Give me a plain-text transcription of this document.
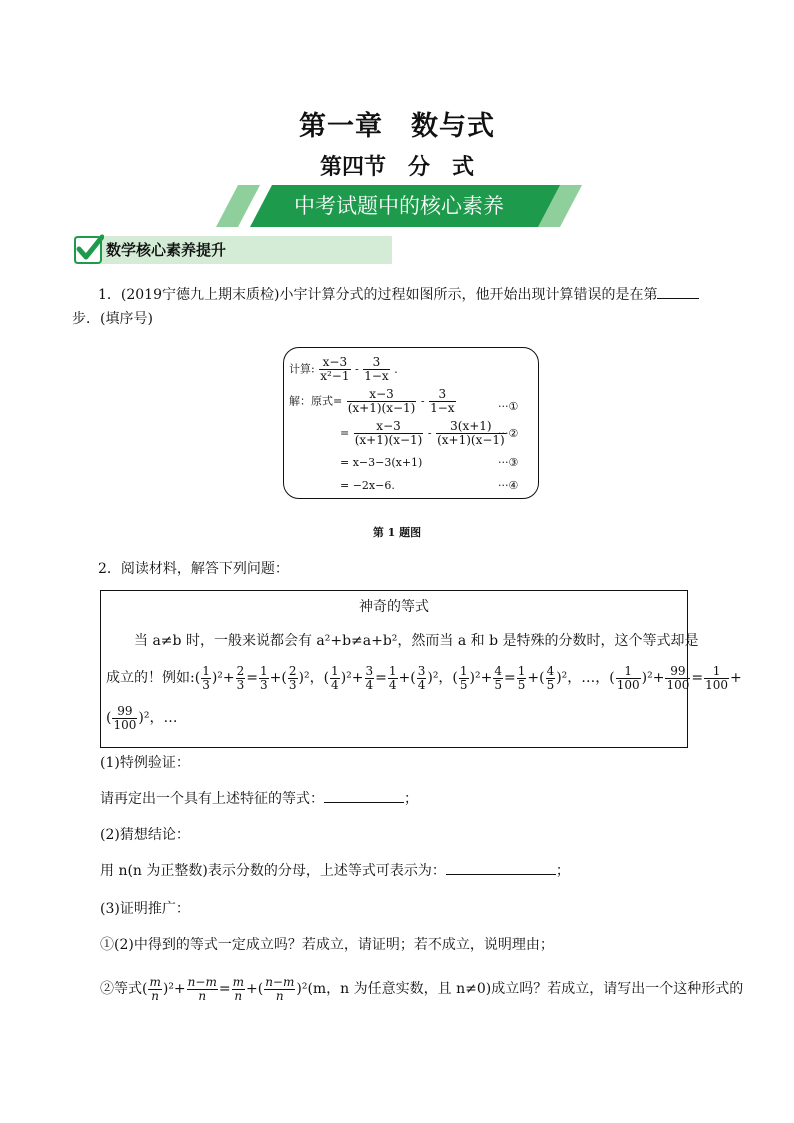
第一章　数与式
第四节　分　式
中考试题中的核心素养
数学核心素养提升
1．(2019宁德九上期末质检)小宇计算分式的过程如图所示，他开始出现计算错误的是在第
步．(填序号)
计算: $\frac{x-3}{\text{x²−1}} - \frac{3}{1-x}$ ．
解：原式= $\frac{x-3}{(x+1)(x-1)} - \frac{3}{1-x}$	···①
= $\frac{x-3}{(x+1)(x-1)} - \frac{3(x+1)}{(x+1)(x-1)}$
···②
= x−3−3(x+1)	···③
= −2x−6.	···④
第 1 题图
2．阅读材料，解答下列问题：
神奇的等式
当 a≠b 时，一般来说都会有 a²+b≠a+b²，然而当 a 和 b 是特殊的分数时，这个等式却是
成立的！例如:( $\frac{1}{3} )^2+ \frac{2}{3} = \frac{1}{3}$ +( $\frac{2}{3} )^2$，( $\frac{1}{4} )^2+ \frac{3}{4} = \frac{1}{4}$ +( $\frac{3}{4} )^2$，( $\frac{1}{5} )^2+ \frac{4}{5} = \frac{1}{5}$ +( $\frac{4}{5} )^2$，…，( $\frac{1}{100} )^2+ \frac{99}{100} = \frac{1}{100}$ +
( $\frac{99}{100} )^2$，…
(1)特例验证：
请再定出一个具有上述特征的等式：	；
(2)猜想结论：
用 n(n 为正整数)表示分数的分母，上述等式可表示为：	；
(3)证明推广：
①(2)中得到的等式一定成立吗？若成立，请证明；若不成立，说明理由；
②等式( $\frac{m}{n} )^2+ \frac{n-m}{n} = \frac{m}{n}$ +( $\frac{n-m}{n} )^2(m$，n 为任意实数，且 n≠0)成立吗？若成立，请写出一个这种形式的
